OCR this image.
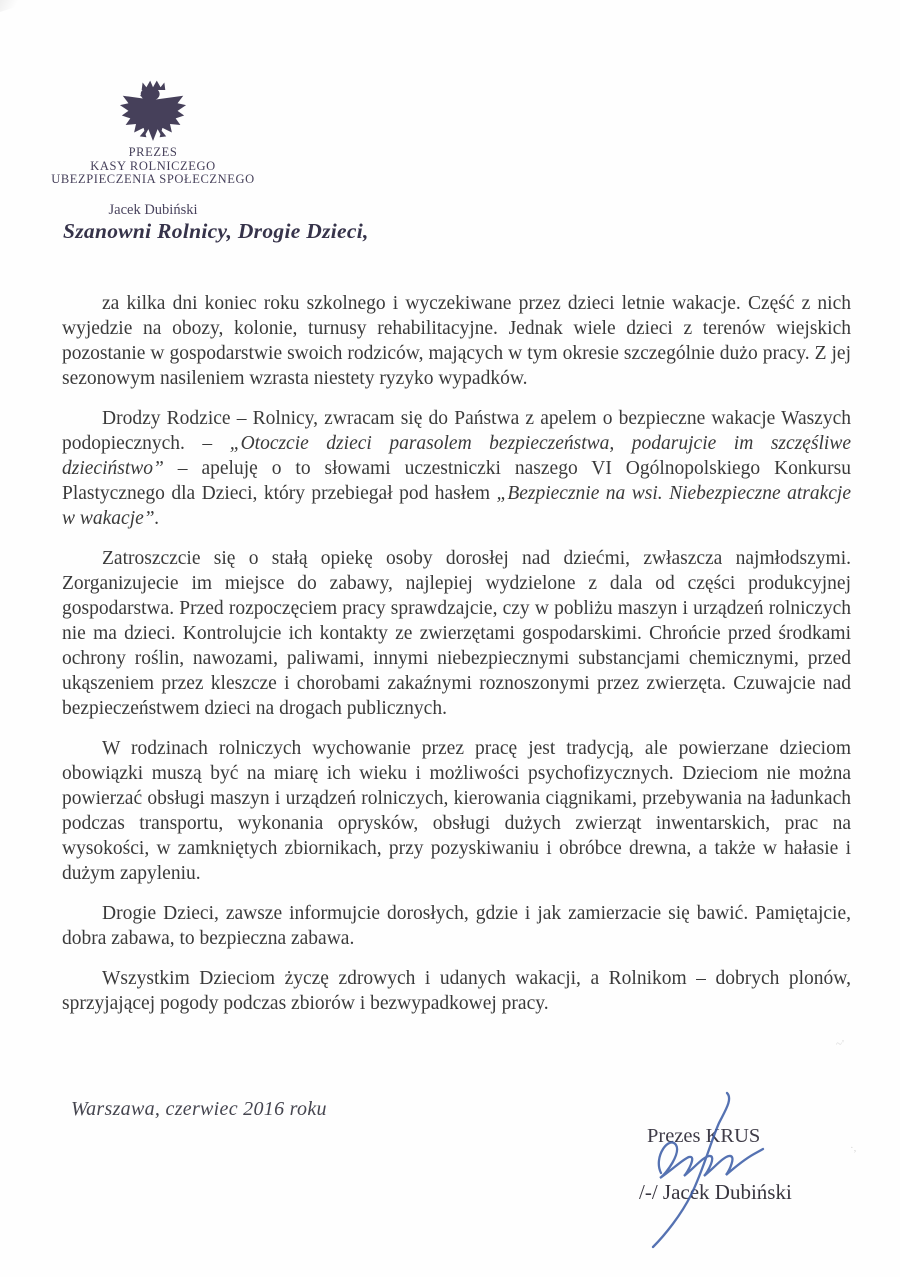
PREZES
KASY ROLNICZEGO
UBEZPIECZENIA SPOŁECZNEGO
Jacek Dubiński
Szanowni Rolnicy, Drogie Dzieci,

za kilka dni koniec roku szkolnego i wyczekiwane przez dzieci letnie wakacje. Część z nich wyjedzie na obozy, kolonie, turnusy rehabilitacyjne. Jednak wiele dzieci z terenów wiejskich pozostanie w gospodarstwie swoich rodziców, mających w tym okresie szczególnie dużo pracy. Z jej sezonowym nasileniem wzrasta niestety ryzyko wypadków.

Drodzy Rodzice – Rolnicy, zwracam się do Państwa z apelem o bezpieczne wakacje Waszych podopiecznych. – „Otoczcie dzieci parasolem bezpieczeństwa, podarujcie im szczęśliwe dzieciństwo” – apeluję o to słowami uczestniczki naszego VI Ogólnopolskiego Konkursu Plastycznego dla Dzieci, który przebiegał pod hasłem „Bezpiecznie na wsi. Niebezpieczne atrakcje w wakacje”.

Zatroszczcie się o stałą opiekę osoby dorosłej nad dziećmi, zwłaszcza najmłodszymi. Zorganizujecie im miejsce do zabawy, najlepiej wydzielone z dala od części produkcyjnej gospodarstwa. Przed rozpoczęciem pracy sprawdzajcie, czy w pobliżu maszyn i urządzeń rolniczych nie ma dzieci. Kontrolujcie ich kontakty ze zwierzętami gospodarskimi. Chrońcie przed środkami ochrony roślin, nawozami, paliwami, innymi niebezpiecznymi substancjami chemicznymi, przed ukąszeniem przez kleszcze i chorobami zakaźnymi roznoszonymi przez zwierzęta. Czuwajcie nad bezpieczeństwem dzieci na drogach publicznych.

W rodzinach rolniczych wychowanie przez pracę jest tradycją, ale powierzane dzieciom obowiązki muszą być na miarę ich wieku i możliwości psychofizycznych. Dzieciom nie można powierzać obsługi maszyn i urządzeń rolniczych, kierowania ciągnikami, przebywania na ładunkach podczas transportu, wykonania oprysków, obsługi dużych zwierząt inwentarskich, prac na wysokości, w zamkniętych zbiornikach, przy pozyskiwaniu i obróbce drewna, a także w hałasie i dużym zapyleniu.

Drogie Dzieci, zawsze informujcie dorosłych, gdzie i jak zamierzacie się bawić. Pamiętajcie, dobra zabawa, to bezpieczna zabawa.

Wszystkim Dzieciom życzę zdrowych i udanych wakacji, a Rolnikom – dobrych plonów, sprzyjającej pogody podczas zbiorów i bezwypadkowej pracy.

Warszawa, czerwiec 2016 roku
Prezes KRUS
/-/ Jacek Dubiński
~'
·,
